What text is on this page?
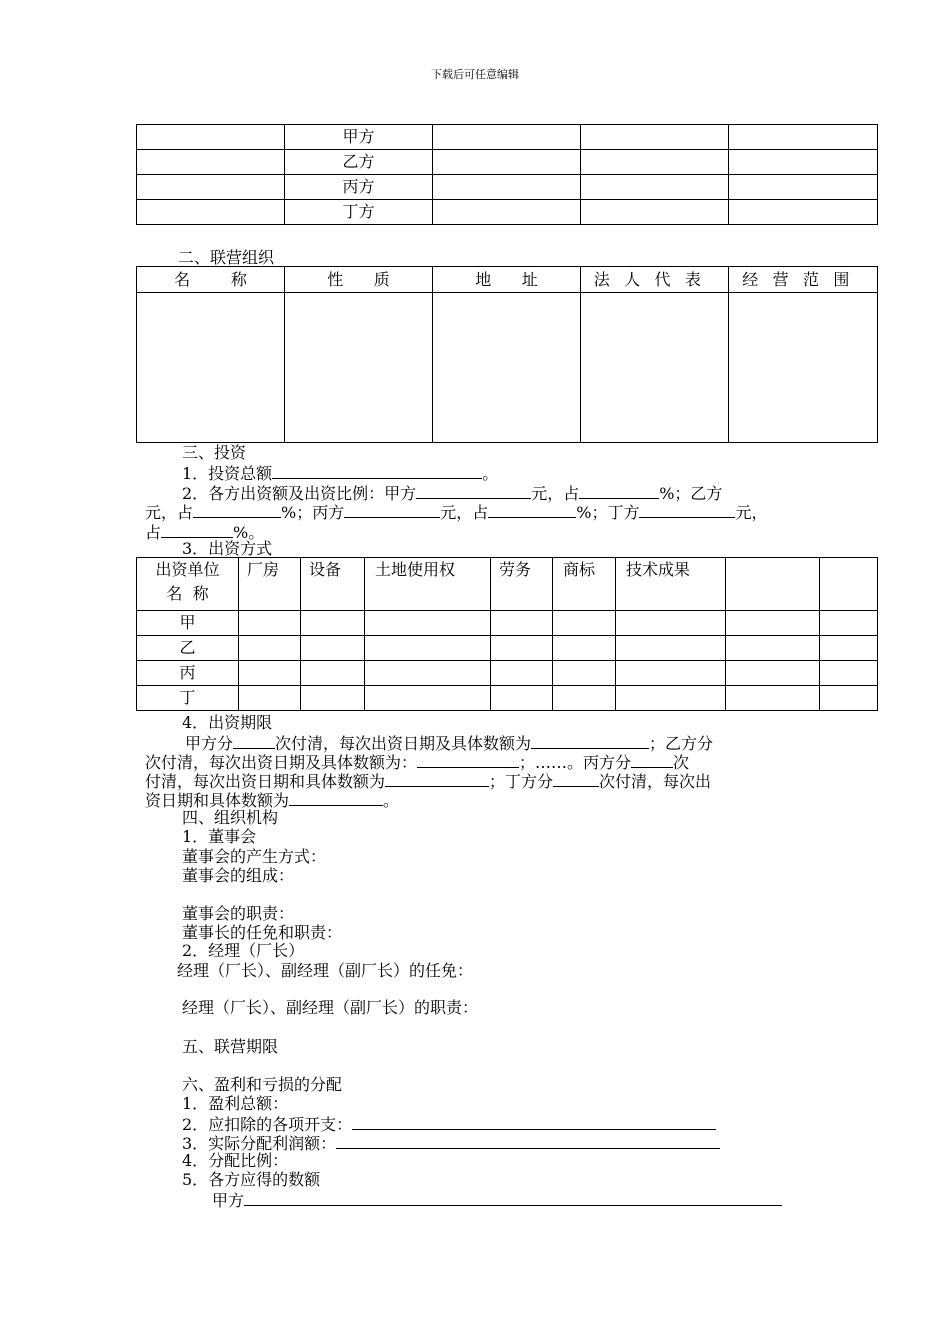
下载后可任意编辑
	甲方			
	乙方			
	丙方			
	丁方			
二、联营组织
名        称	性      质	地      址	法人代表	经营范围

三、投资
1．投资总额	。
2．各方出资额及出资比例：甲方	元，占	%；乙方
元，占	%；丙方	元，占	%；丁方	元，
占	%。
3．出资方式
出资单位
名  称	厂房	设备	土地使用权	劳务	商标	技术成果		
甲								
乙								
丙								
丁								
4．出资期限
甲方分	次付清，每次出资日期及具体数额为	；乙方分
次付清，每次出资日期及具体数额为：	；……。丙方分	次
付清，每次出资日期和具体数额为	；丁方分	次付清，每次出
资日期和具体数额为	。
四、组织机构
1．董事会
董事会的产生方式：
董事会的组成：
董事会的职责：
董事长的任免和职责：
2．经理（厂长）
经理（厂长）、副经理（副厂长）的任免：
经理（厂长）、副经理（副厂长）的职责：
五、联营期限
六、盈利和亏损的分配
1．盈利总额：
2．应扣除的各项开支：
3．实际分配利润额：
4．分配比例：
5．各方应得的数额
甲方
